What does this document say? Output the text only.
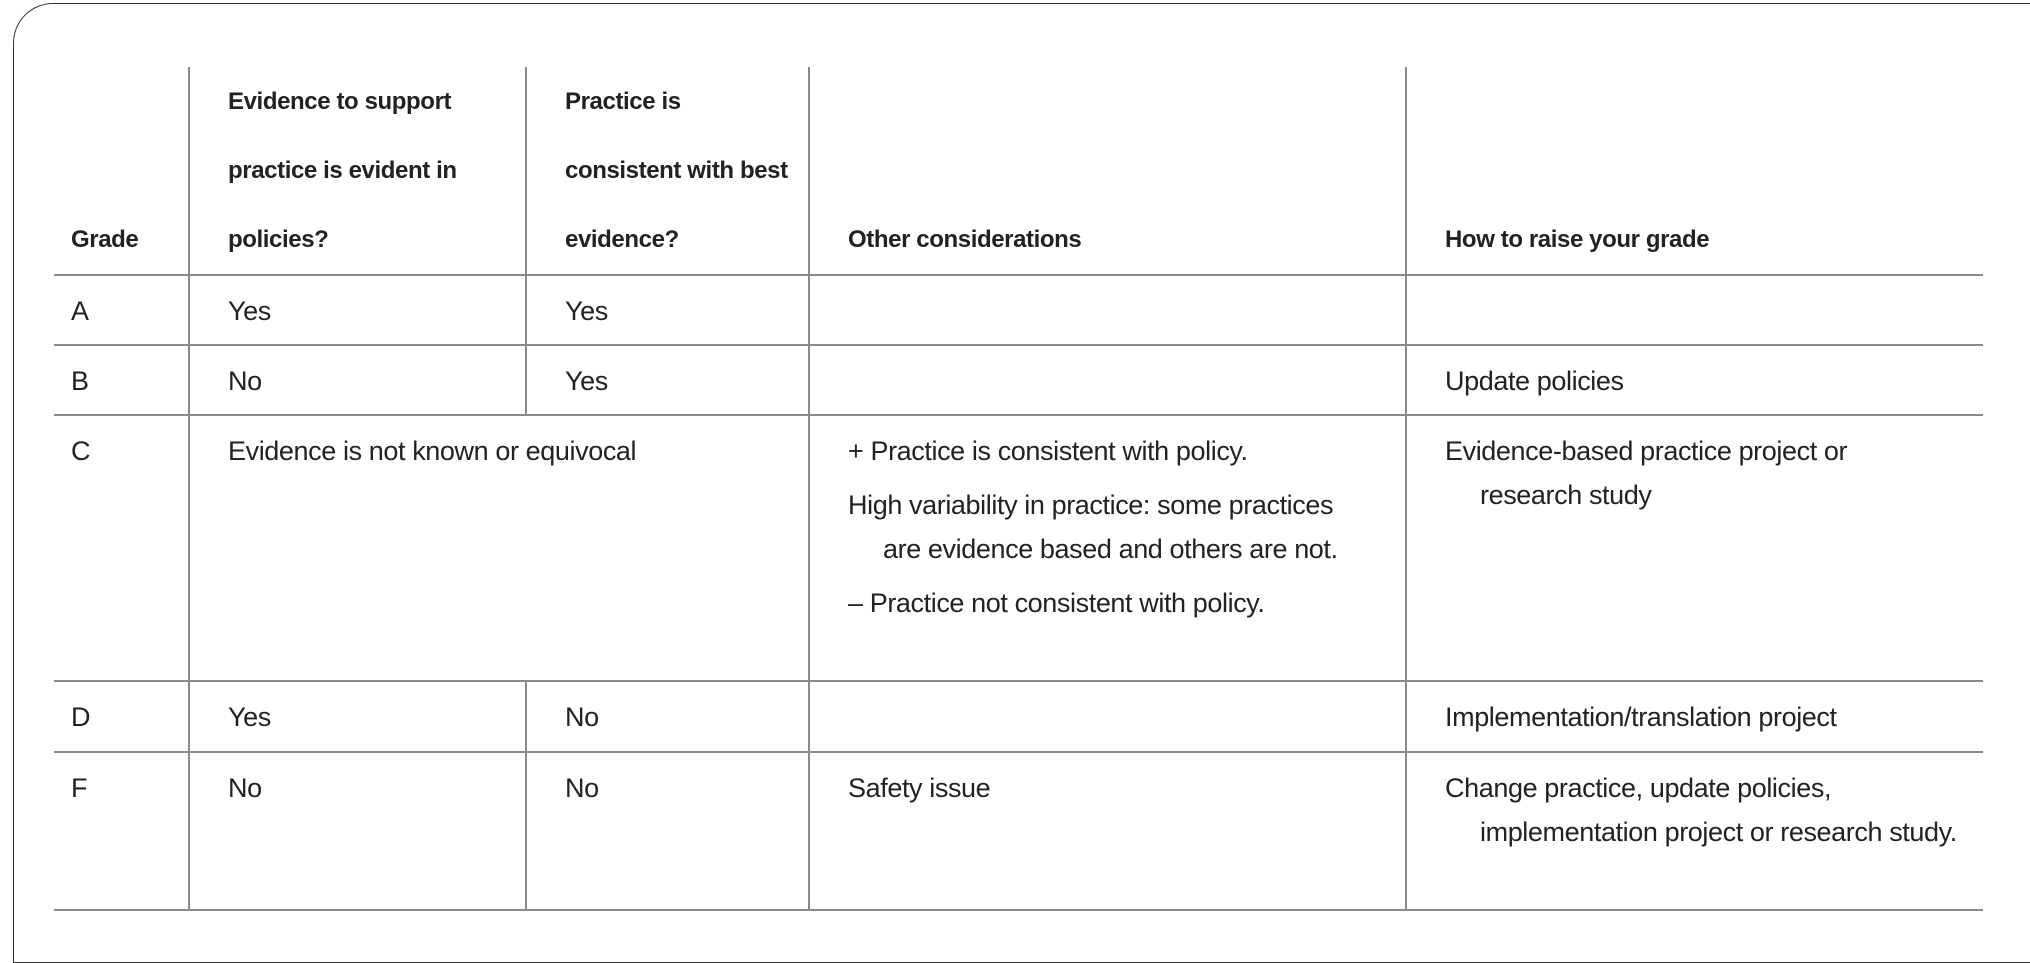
Grade	Evidence to support practice is evident in policies?	Practice is consistent with best evidence?	Other considerations	How to raise your grade
A	Yes	Yes		
B	No	Yes		Update policies
C	Evidence is not known or equivocal		+ Practice is consistent with policy.
High variability in practice: some practices are evidence based and others are not.
– Practice not consistent with policy.	Evidence-based practice project or research study

D	Yes	No		Implementation/translation project
F	No	No	Safety issue	Change practice, update policies, implementation project or research study.
